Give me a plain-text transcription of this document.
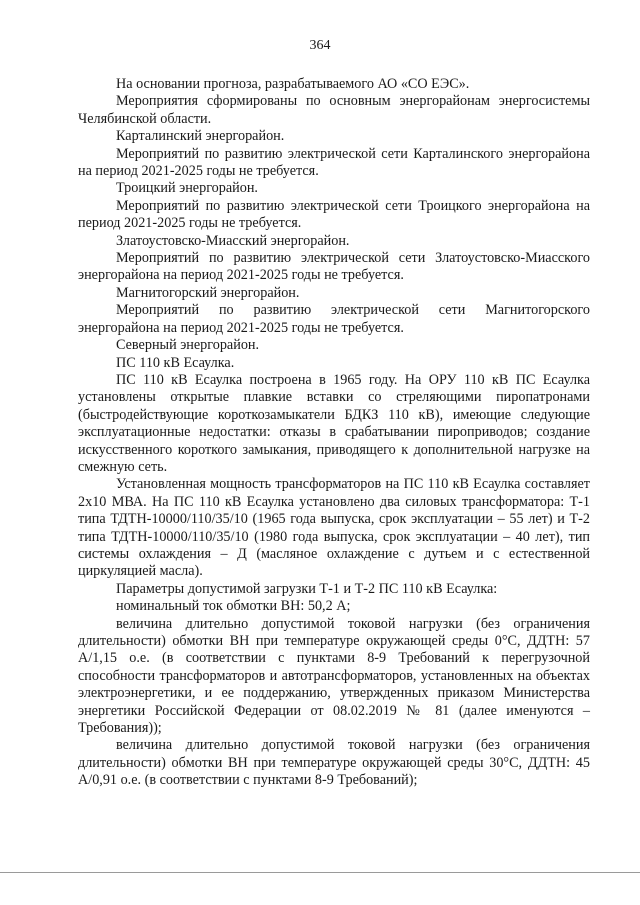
364

На основании прогноза, разрабатываемого АО «СО ЕЭС».

Мероприятия сформированы по основным энергорайонам энергосистемы Челябинской области.

Карталинский энергорайон.

Мероприятий по развитию электрической сети Карталинского энергорайона на период 2021-2025 годы не требуется.

Троицкий энергорайон.

Мероприятий по развитию электрической сети Троицкого энергорайона на период 2021-2025 годы не требуется.

Златоустовско-Миасский энергорайон.

Мероприятий по развитию электрической сети Златоустовско-Миасского энергорайона на период 2021-2025 годы не требуется.

Магнитогорский энергорайон.

Мероприятий по развитию электрической сети Магнитогорского энергорайона на период 2021-2025 годы не требуется.

Северный энергорайон.

ПС 110 кВ Есаулка.

ПС 110 кВ Есаулка построена в 1965 году. На ОРУ 110 кВ ПС Есаулка установлены открытые плавкие вставки со стреляющими пиропатронами (быстродействующие короткозамыкатели БДКЗ 110 кВ), имеющие следующие эксплуатационные недостатки: отказы в срабатывании пироприводов; создание искусственного короткого замыкания, приводящего к дополнительной нагрузке на смежную сеть.

Установленная мощность трансформаторов на ПС 110 кВ Есаулка составляет 2х10 МВА. На ПС 110 кВ Есаулка установлено два силовых трансформатора: Т-1 типа ТДТН-10000/110/35/10 (1965 года выпуска, срок эксплуатации – 55 лет) и Т-2 типа ТДТН-10000/110/35/10 (1980 года выпуска, срок эксплуатации – 40 лет), тип системы охлаждения – Д (масляное охлаждение с дутьем и с естественной циркуляцией масла).

Параметры допустимой загрузки Т-1 и Т-2 ПС 110 кВ Есаулка:

номинальный ток обмотки ВН: 50,2 А;

величина длительно допустимой токовой нагрузки (без ограничения длительности) обмотки ВН при температуре окружающей среды 0°С, ДДТН: 57 А/1,15 о.е. (в соответствии с пунктами 8-9 Требований к перегрузочной способности трансформаторов и автотрансформаторов, установленных на объектах электроэнергетики, и ее поддержанию, утвержденных приказом Министерства энергетики Российской Федерации от 08.02.2019 № 81 (далее именуются – Требования));

величина длительно допустимой токовой нагрузки (без ограничения длительности) обмотки ВН при температуре окружающей среды 30°С, ДДТН: 45 А/0,91 о.е. (в соответствии с пунктами 8-9 Требований);
